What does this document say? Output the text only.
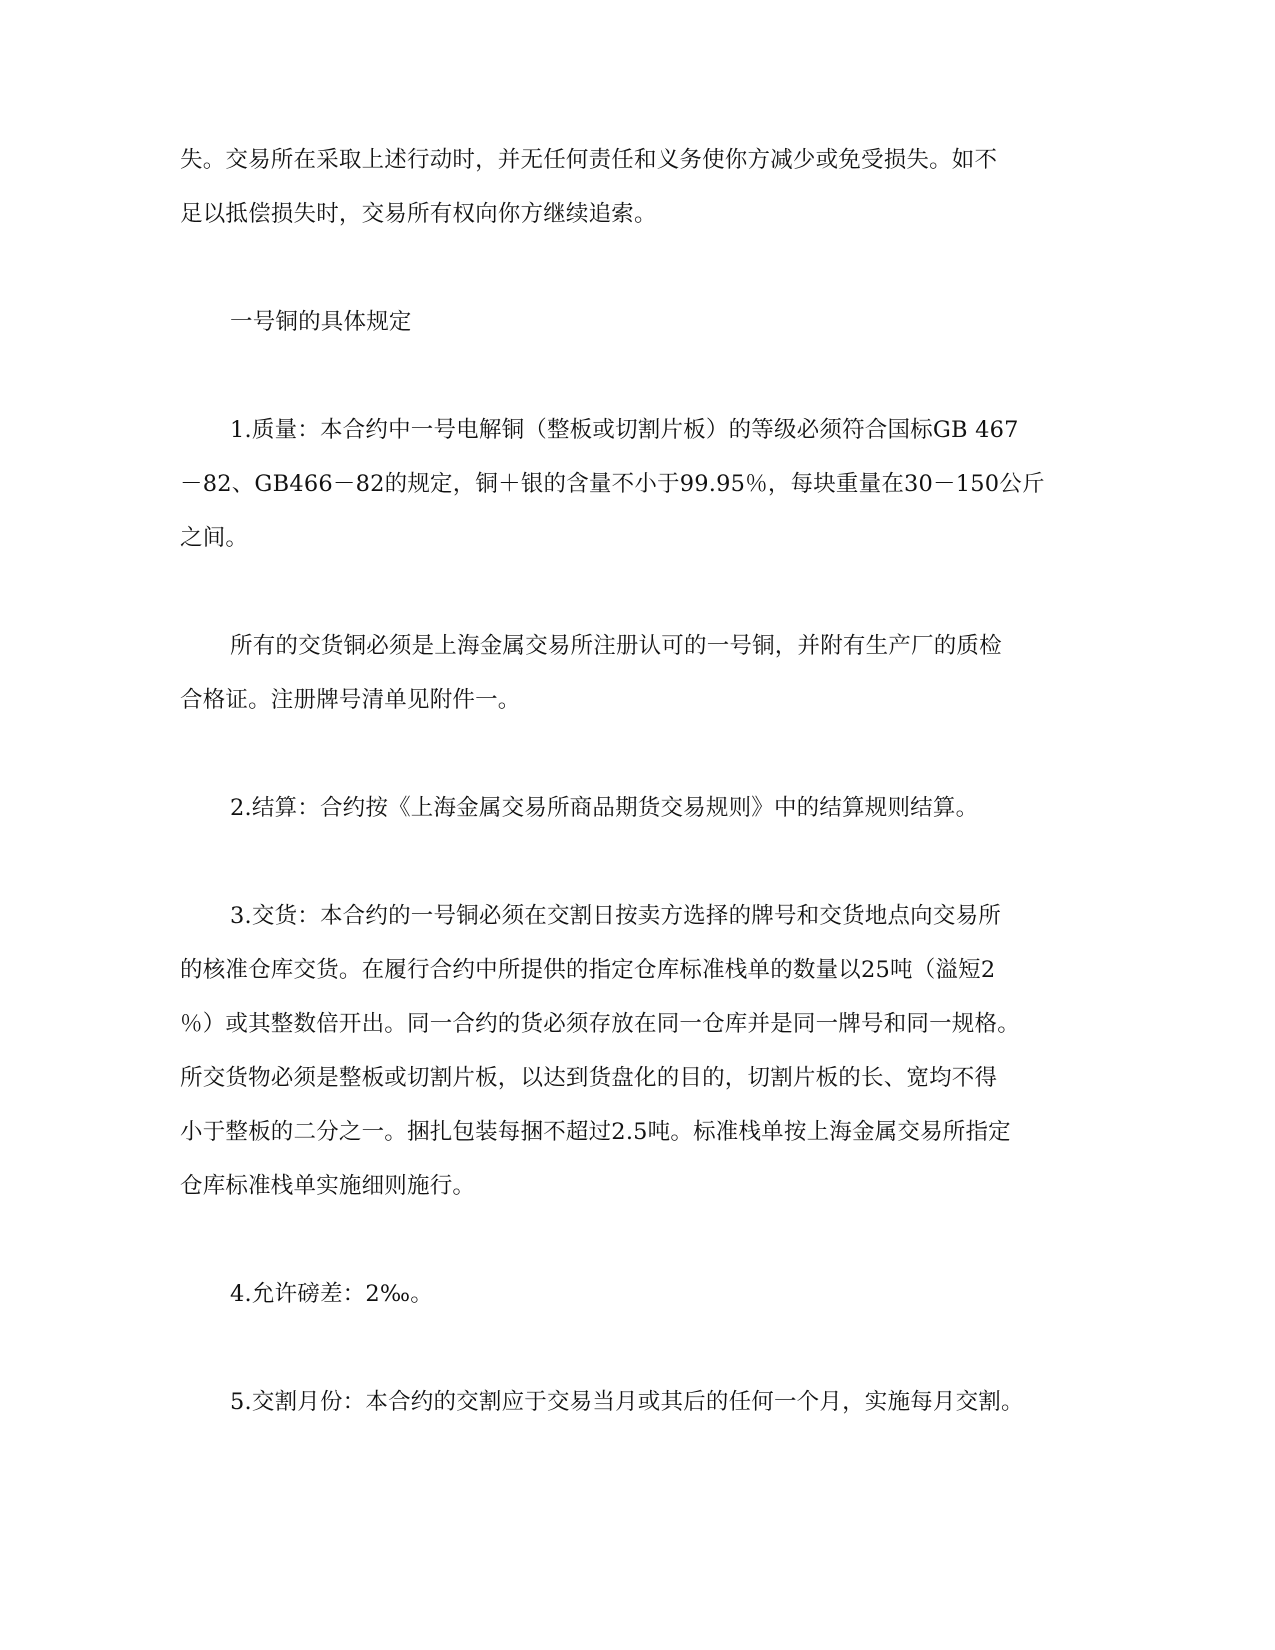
失。交易所在采取上述行动时，并无任何责任和义务使你方减少或免受损失。如不
足以抵偿损失时，交易所有权向你方继续追索。
一号铜的具体规定
1.质量：本合约中一号电解铜（整板或切割片板）的等级必须符合国标GB 467
－82、GB466－82的规定，铜＋银的含量不小于99.95％，每块重量在30－150公斤
之间。
所有的交货铜必须是上海金属交易所注册认可的一号铜，并附有生产厂的质检
合格证。注册牌号清单见附件一。
2.结算：合约按《上海金属交易所商品期货交易规则》中的结算规则结算。
3.交货：本合约的一号铜必须在交割日按卖方选择的牌号和交货地点向交易所
的核准仓库交货。在履行合约中所提供的指定仓库标准栈单的数量以25吨（溢短2
％）或其整数倍开出。同一合约的货必须存放在同一仓库并是同一牌号和同一规格。
所交货物必须是整板或切割片板，以达到货盘化的目的，切割片板的长、宽均不得
小于整板的二分之一。捆扎包装每捆不超过2.5吨。标准栈单按上海金属交易所指定
仓库标准栈单实施细则施行。
4.允许磅差：2‰。
5.交割月份：本合约的交割应于交易当月或其后的任何一个月，实施每月交割。
